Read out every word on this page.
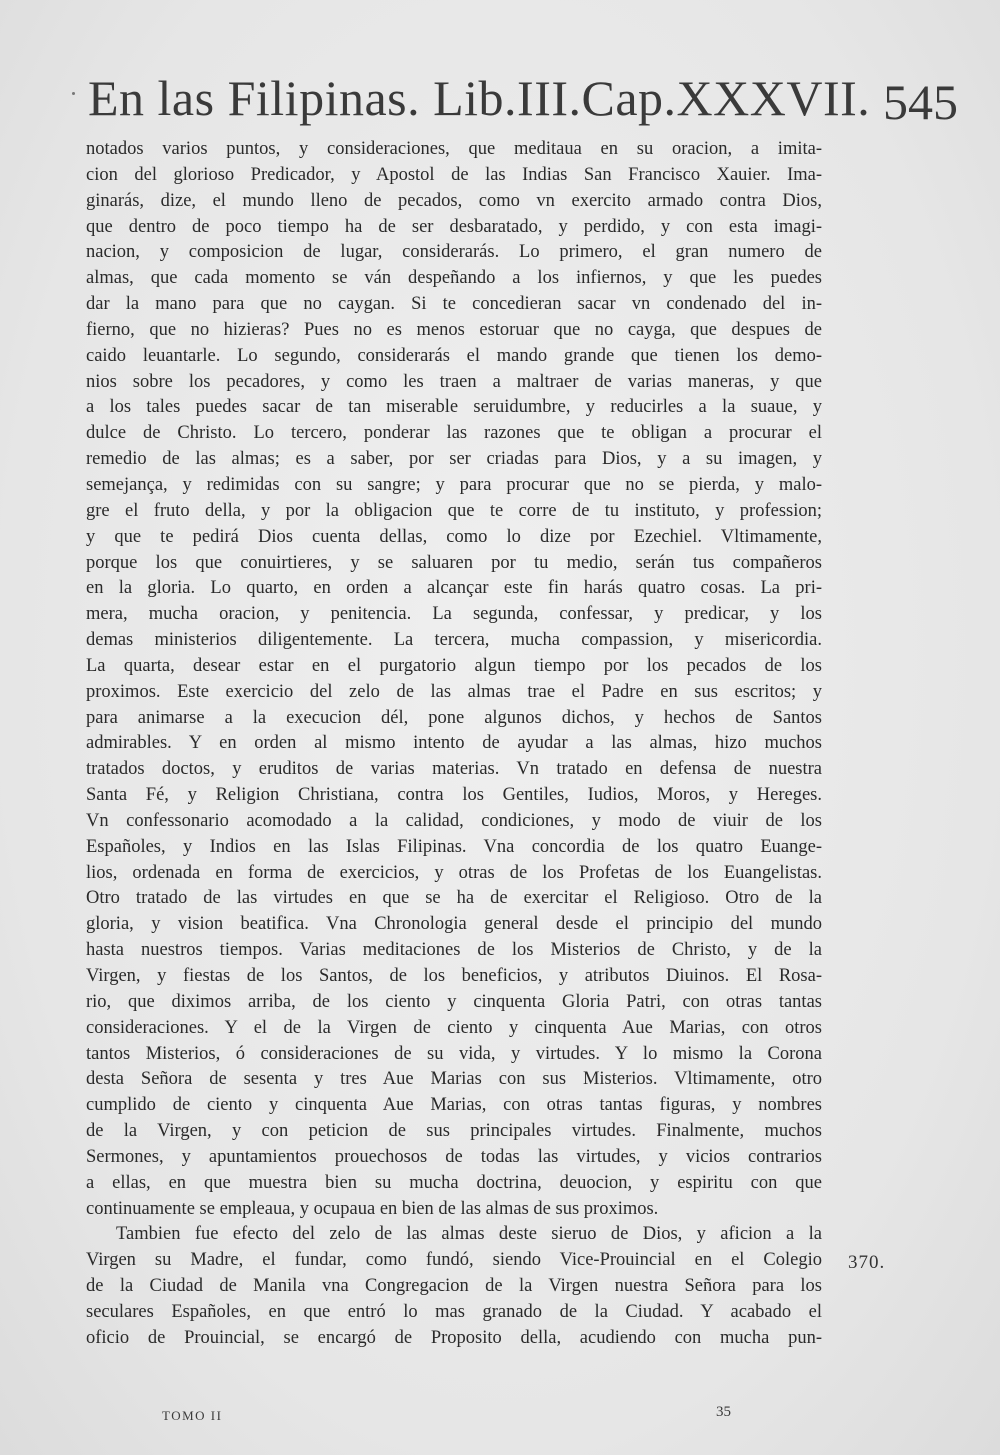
En las Filipinas. Lib.III.Cap.XXXVII. 545
notados varios puntos, y consideraciones, que meditaua en su oracion, a imita-
cion del glorioso Predicador, y Apostol de las Indias San Francisco Xauier. Ima-
ginarás, dize, el mundo lleno de pecados, como vn exercito armado contra Dios,
que dentro de poco tiempo ha de ser desbaratado, y perdido, y con esta imagi-
nacion, y composicion de lugar, considerarás. Lo primero, el gran numero de
almas, que cada momento se ván despeñando a los infiernos, y que les puedes
dar la mano para que no caygan. Si te concedieran sacar vn condenado del in-
fierno, que no hizieras? Pues no es menos estoruar que no cayga, que despues de
caido leuantarle. Lo segundo, considerarás el mando grande que tienen los demo-
nios sobre los pecadores, y como les traen a maltraer de varias maneras, y que
a los tales puedes sacar de tan miserable seruidumbre, y reducirles a la suaue, y
dulce de Christo. Lo tercero, ponderar las razones que te obligan a procurar el
remedio de las almas; es a saber, por ser criadas para Dios, y a su imagen, y
semejança, y redimidas con su sangre; y para procurar que no se pierda, y malo-
gre el fruto della, y por la obligacion que te corre de tu instituto, y profession;
y que te pedirá Dios cuenta dellas, como lo dize por Ezechiel. Vltimamente,
porque los que conuirtieres, y se saluaren por tu medio, serán tus compañeros
en la gloria. Lo quarto, en orden a alcançar este fin harás quatro cosas. La pri-
mera, mucha oracion, y penitencia. La segunda, confessar, y predicar, y los
demas ministerios diligentemente. La tercera, mucha compassion, y misericordia.
La quarta, desear estar en el purgatorio algun tiempo por los pecados de los
proximos. Este exercicio del zelo de las almas trae el Padre en sus escritos; y
para animarse a la execucion dél, pone algunos dichos, y hechos de Santos
admirables. Y en orden al mismo intento de ayudar a las almas, hizo muchos
tratados doctos, y eruditos de varias materias. Vn tratado en defensa de nuestra
Santa Fé, y Religion Christiana, contra los Gentiles, Iudios, Moros, y Hereges.
Vn confessonario acomodado a la calidad, condiciones, y modo de viuir de los
Españoles, y Indios en las Islas Filipinas. Vna concordia de los quatro Euange-
lios, ordenada en forma de exercicios, y otras de los Profetas de los Euangelistas.
Otro tratado de las virtudes en que se ha de exercitar el Religioso. Otro de la
gloria, y vision beatifica. Vna Chronologia general desde el principio del mundo
hasta nuestros tiempos. Varias meditaciones de los Misterios de Christo, y de la
Virgen, y fiestas de los Santos, de los beneficios, y atributos Diuinos. El Rosa-
rio, que diximos arriba, de los ciento y cinquenta Gloria Patri, con otras tantas
consideraciones. Y el de la Virgen de ciento y cinquenta Aue Marias, con otros
tantos Misterios, ó consideraciones de su vida, y virtudes. Y lo mismo la Corona
desta Señora de sesenta y tres Aue Marias con sus Misterios. Vltimamente, otro
cumplido de ciento y cinquenta Aue Marias, con otras tantas figuras, y nombres
de la Virgen, y con peticion de sus principales virtudes. Finalmente, muchos
Sermones, y apuntamientos prouechosos de todas las virtudes, y vicios contrarios
a ellas, en que muestra bien su mucha doctrina, deuocion, y espiritu con que
continuamente se empleaua, y ocupaua en bien de las almas de sus proximos.
Tambien fue efecto del zelo de las almas deste sieruo de Dios, y aficion a la
Virgen su Madre, el fundar, como fundó, siendo Vice-Prouincial en el Colegio
de la Ciudad de Manila vna Congregacion de la Virgen nuestra Señora para los
seculares Españoles, en que entró lo mas granado de la Ciudad. Y acabado el
oficio de Prouincial, se encargó de Proposito della, acudiendo con mucha pun-
370.
TOMO II	35
